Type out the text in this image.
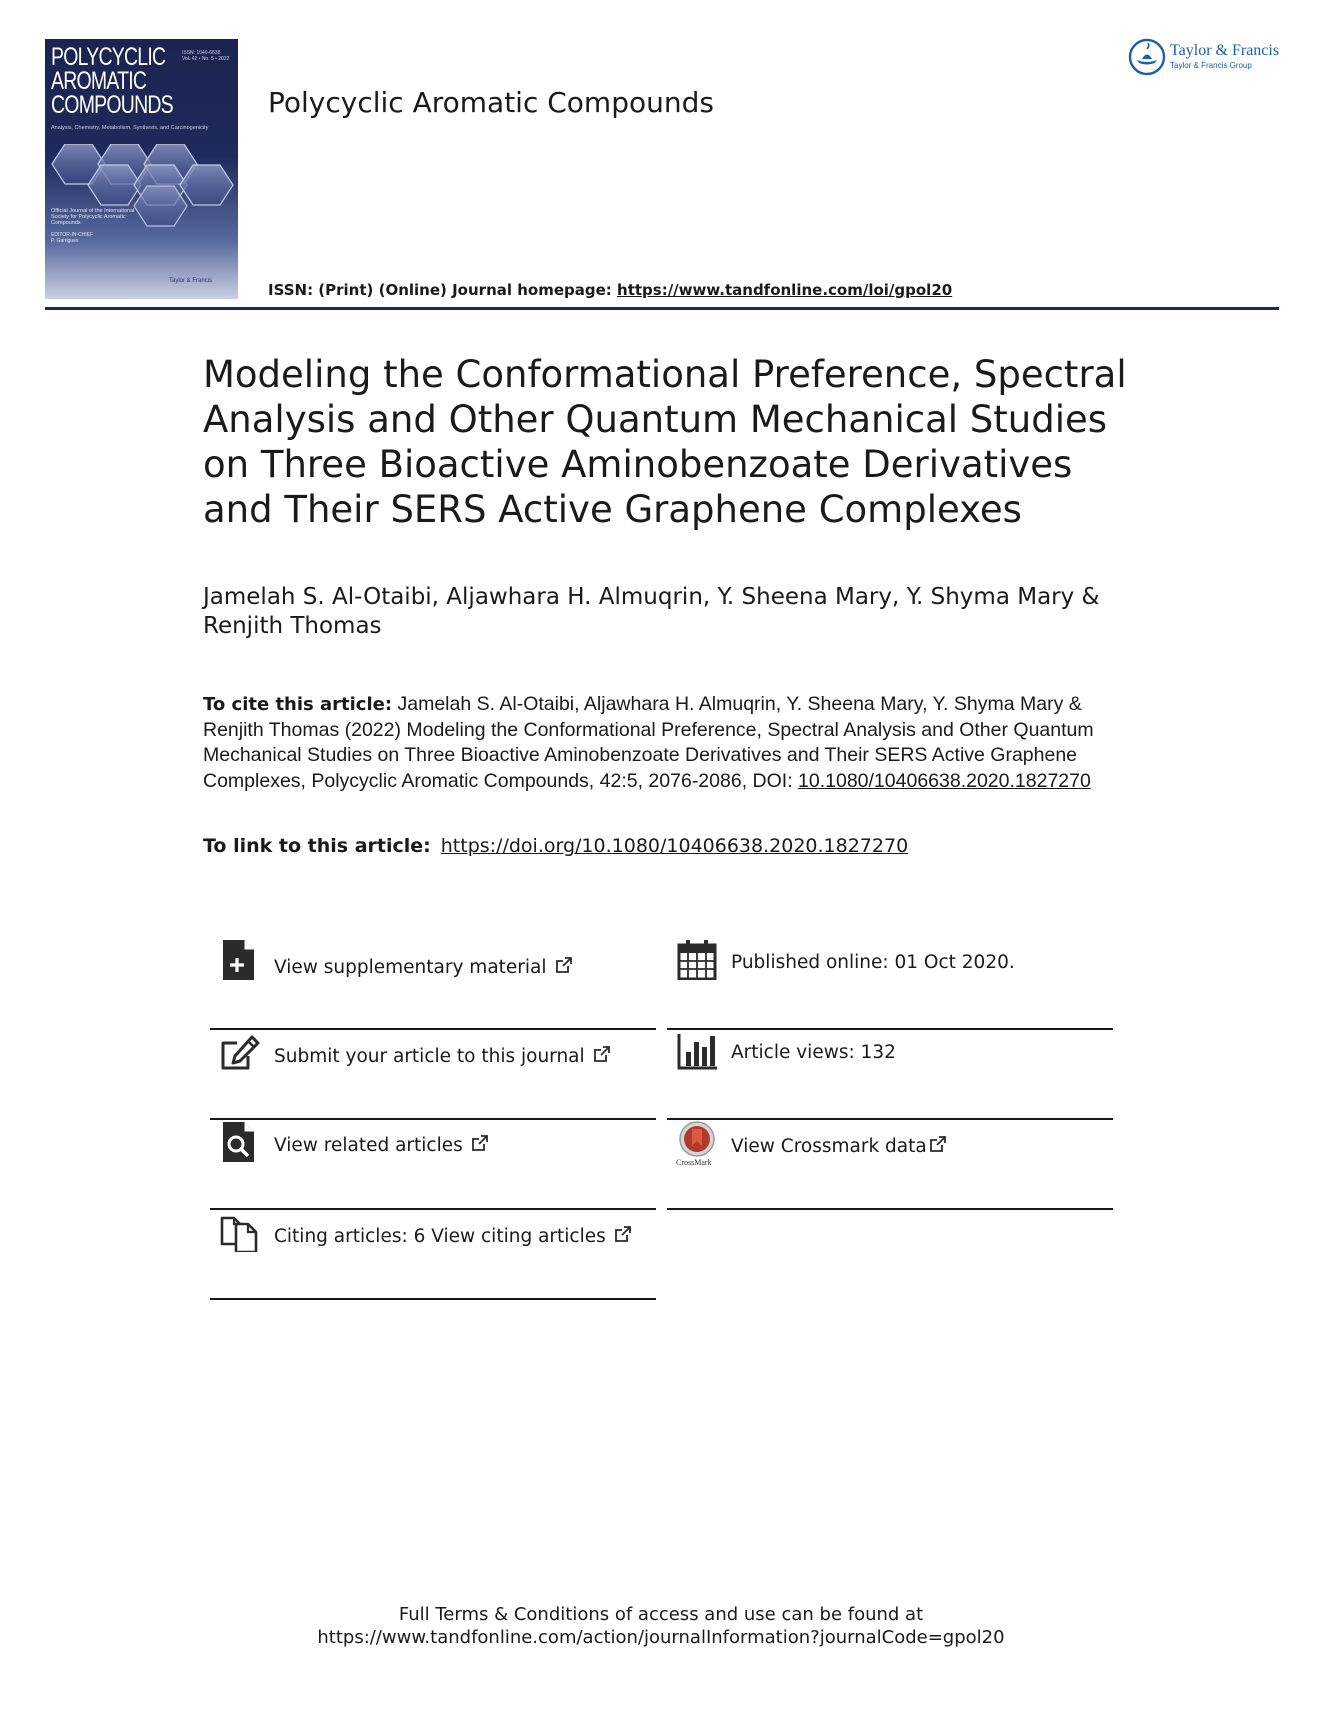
POLYCYCLIC
AROMATIC
COMPOUNDS
ISSN: 1040-6638
Vol. 42 • No. 5 • 2022
Analysis, Chemistry, Metabolism, Synthesis, and Carcinogenicity
Official Journal of the International Society for Polycyclic Aromatic Compounds
EDITOR-IN-CHIEF
P. Garrigues
Taylor & Francis
Polycyclic Aromatic Compounds
Taylor & Francis
Taylor & Francis Group
ISSN: (Print) (Online) Journal homepage: https://www.tandfonline.com/loi/gpol20
Modeling the Conformational Preference, Spectral Analysis and Other Quantum Mechanical Studies on Three Bioactive Aminobenzoate Derivatives and Their SERS Active Graphene Complexes
Jamelah S. Al-Otaibi, Aljawhara H. Almuqrin, Y. Sheena Mary, Y. Shyma Mary & Renjith Thomas
To cite this article: Jamelah S. Al-Otaibi, Aljawhara H. Almuqrin, Y. Sheena Mary, Y. Shyma Mary & Renjith Thomas (2022) Modeling the Conformational Preference, Spectral Analysis and Other Quantum Mechanical Studies on Three Bioactive Aminobenzoate Derivatives and Their SERS Active Graphene Complexes, Polycyclic Aromatic Compounds, 42:5, 2076-2086, DOI: 10.1080/10406638.2020.1827270
To link to this article: https://doi.org/10.1080/10406638.2020.1827270
View supplementary material
Submit your article to this journal
View related articles
Citing articles: 6 View citing articles
Published online: 01 Oct 2020.
Article views: 132
CrossMark
View Crossmark data
Full Terms & Conditions of access and use can be found at
https://www.tandfonline.com/action/journalInformation?journalCode=gpol20
